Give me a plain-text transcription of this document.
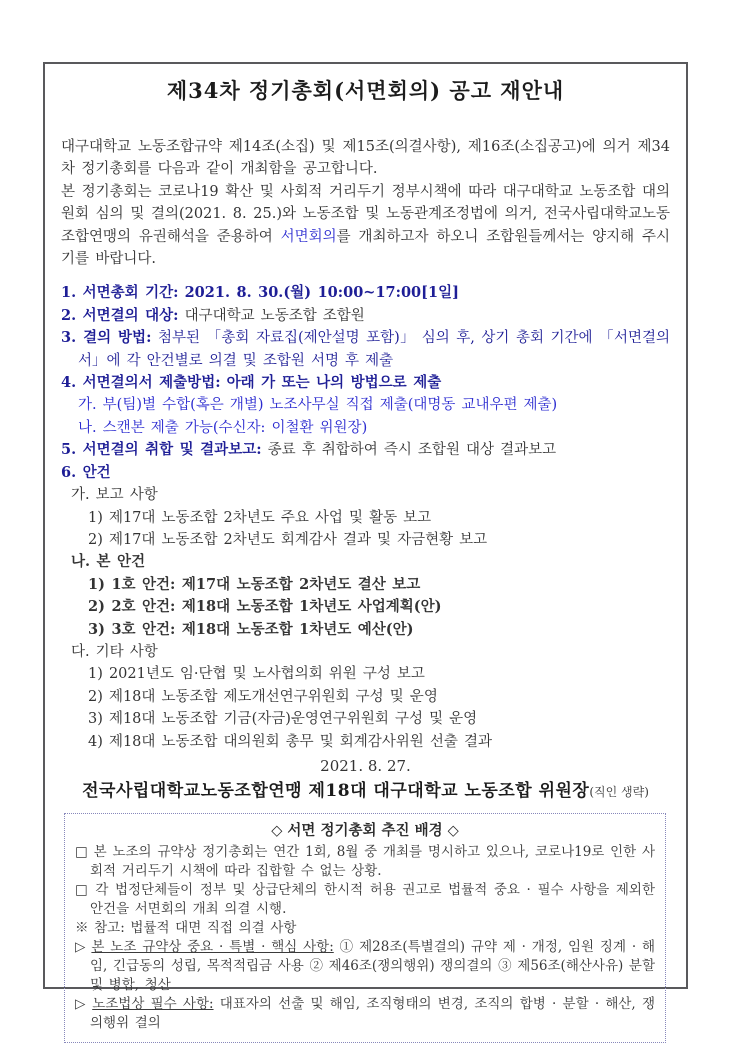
제34차 정기총회(서면회의) 공고 재안내

대구대학교 노동조합규약 제14조(소집) 및 제15조(의결사항), 제16조(소집공고)에 의거 제34차 정기총회를 다음과 같이 개최함을 공고합니다.

본 정기총회는 코로나19 확산 및 사회적 거리두기 정부시책에 따라 대구대학교 노동조합 대의원회 심의 및 결의(2021. 8. 25.)와 노동조합 및 노동관계조정법에 의거, 전국사립대학교노동조합연맹의 유권해석을 준용하여 서면회의를 개최하고자 하오니 조합원들께서는 양지해 주시기를 바랍니다.

1. 서면총회 기간: 2021. 8. 30.(월) 10:00~17:00[1일]

2. 서면결의 대상: 대구대학교 노동조합 조합원

3. 결의 방법: 첨부된 「총회 자료집(제안설명 포함)」 심의 후, 상기 총회 기간에 「서면결의서」에 각 안건별로 의결 및 조합원 서명 후 제출

4. 서면결의서 제출방법: 아래 가 또는 나의 방법으로 제출

가. 부(팀)별 수합(혹은 개별) 노조사무실 직접 제출(대명동 교내우편 제출)

나. 스캔본 제출 가능(수신자: 이철환 위원장)

5. 서면결의 취합 및 결과보고: 종료 후 취합하여 즉시 조합원 대상 결과보고

6. 안건

가. 보고 사항

1) 제17대 노동조합 2차년도 주요 사업 및 활동 보고

2) 제17대 노동조합 2차년도 회계감사 결과 및 자금현황 보고

나. 본 안건

1) 1호 안건: 제17대 노동조합 2차년도 결산 보고

2) 2호 안건: 제18대 노동조합 1차년도 사업계획(안)

3) 3호 안건: 제18대 노동조합 1차년도 예산(안)

다. 기타 사항

1) 2021년도 임·단협 및 노사협의회 위원 구성 보고

2) 제18대 노동조합 제도개선연구위원회 구성 및 운영

3) 제18대 노동조합 기금(자금)운영연구위원회 구성 및 운영

4) 제18대 노동조합 대의원회 총무 및 회계감사위원 선출 결과

2021. 8. 27.

전국사립대학교노동조합연맹 제18대 대구대학교 노동조합 위원장(직인 생략)

◇ 서면 정기총회 추진 배경 ◇

□ 본 노조의 규약상 정기총회는 연간 1회, 8월 중 개최를 명시하고 있으나, 코로나19로 인한 사회적 거리두기 시책에 따라 집합할 수 없는 상황.

□ 각 법정단체들이 정부 및 상급단체의 한시적 허용 권고로 법률적 중요 · 필수 사항을 제외한 안건을 서면회의 개최 의결 시행.

※ 참고: 법률적 대면 직접 의결 사항

▷ 본 노조 규약상 중요 · 특별 · 핵심 사항: ① 제28조(특별결의) 규약 제 · 개정, 임원 징계 · 해임, 긴급동의 성립, 목적적립금 사용 ② 제46조(쟁의행위) 쟁의결의 ③ 제56조(해산사유) 분할 및 병합, 청산

▷ 노조법상 필수 사항: 대표자의 선출 및 해임, 조직형태의 변경, 조직의 합병 · 분할 · 해산, 쟁의행위 결의
